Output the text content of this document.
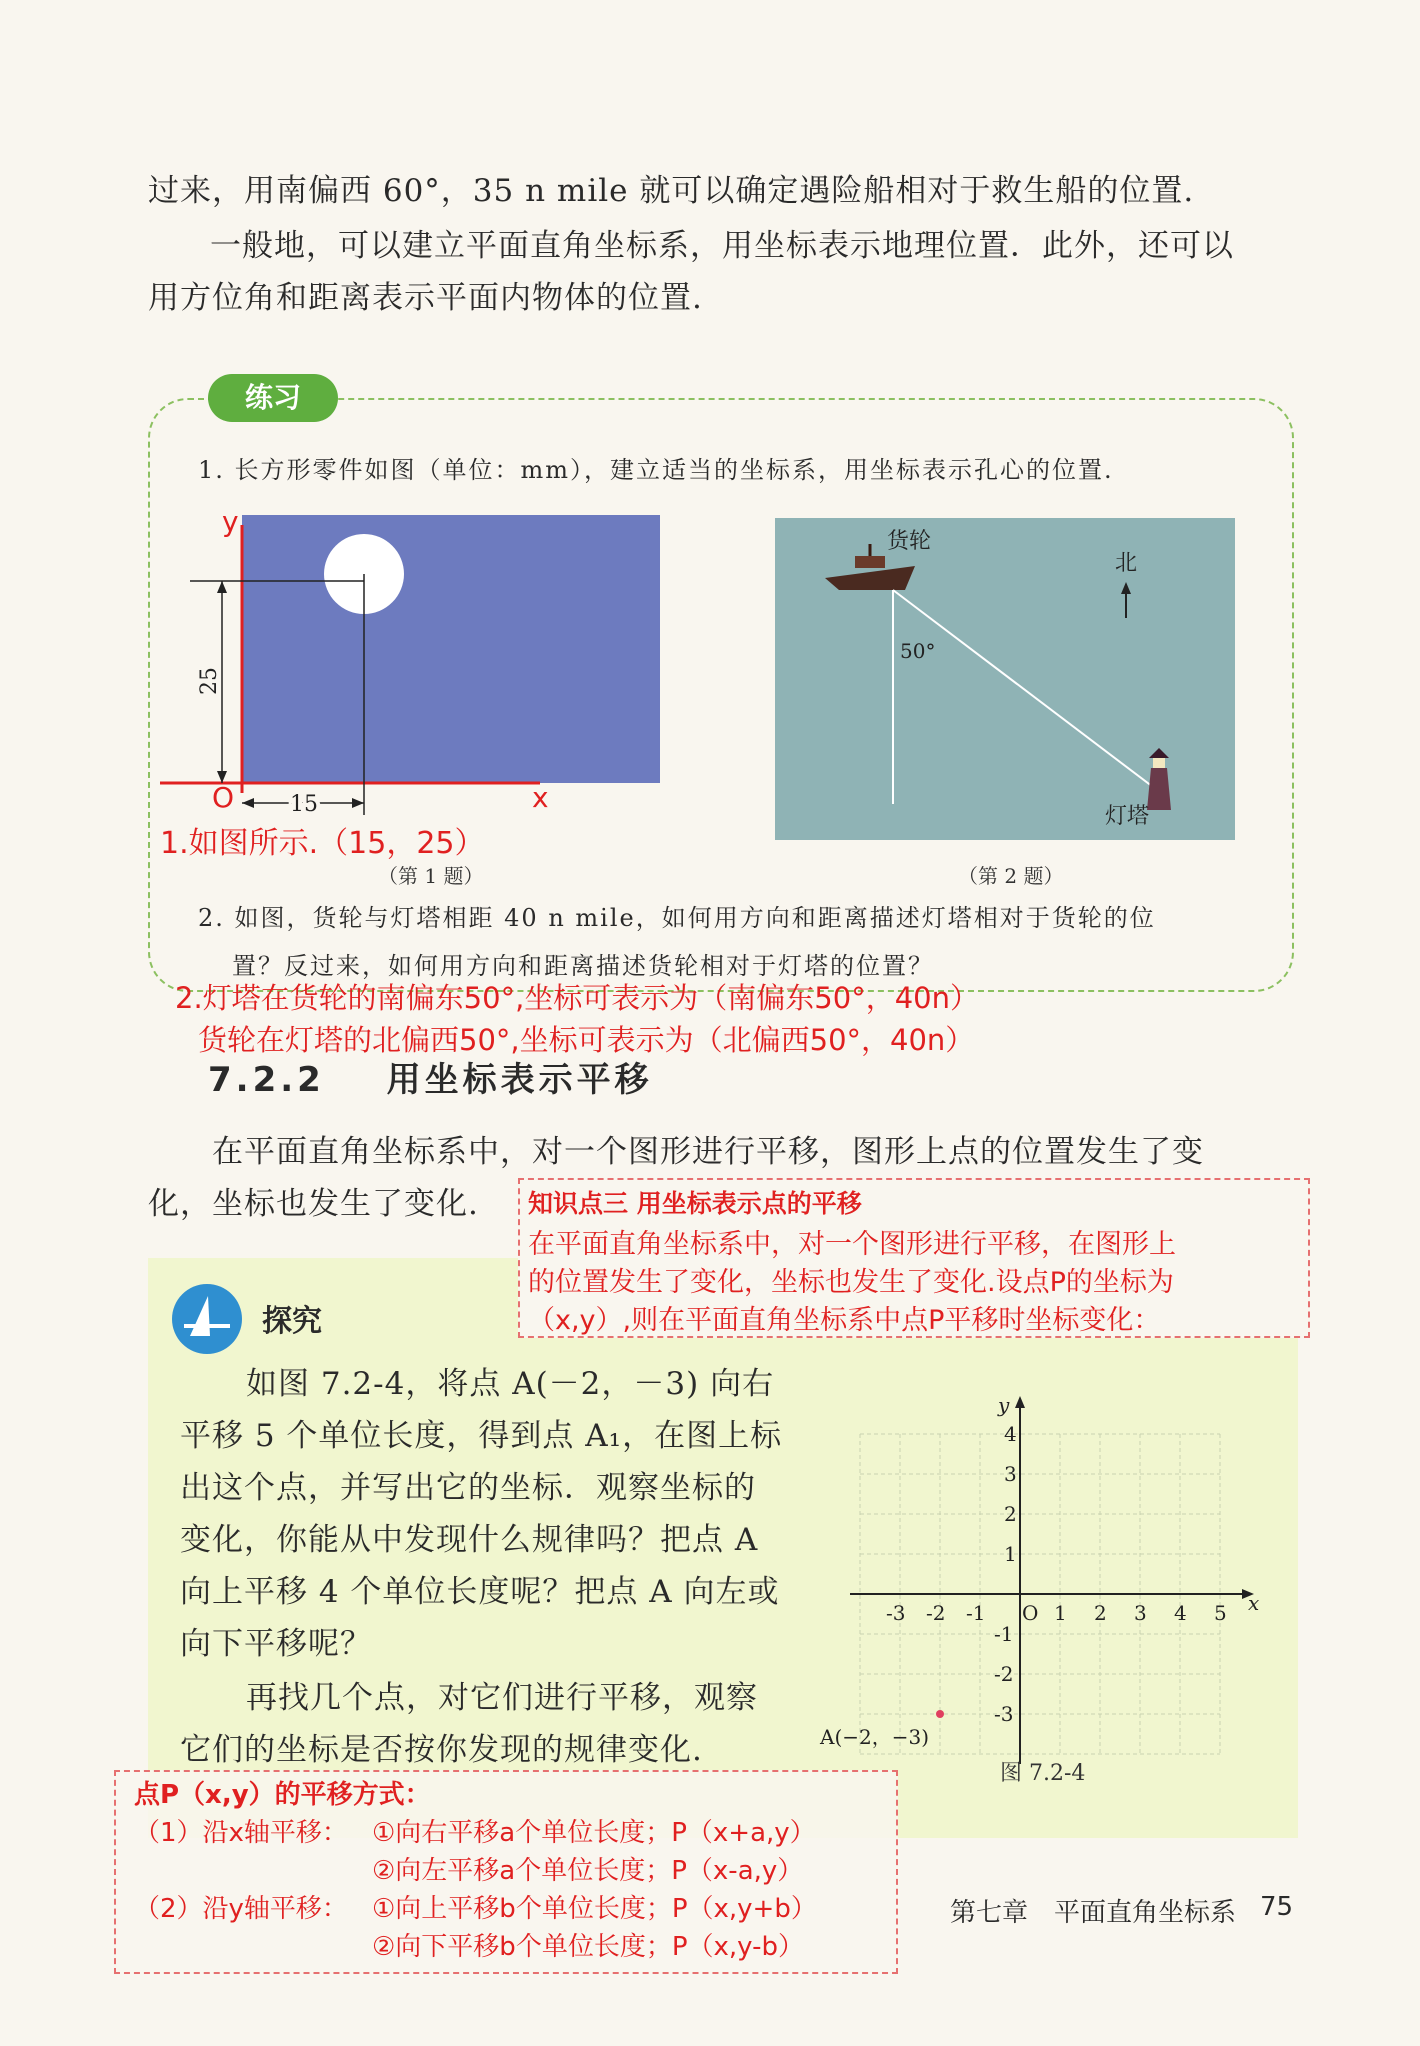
过来，用南偏西 60°，35 n mile 就可以确定遇险船相对于救生船的位置.
一般地，可以建立平面直角坐标系，用坐标表示地理位置．此外，还可以
用方位角和距离表示平面内物体的位置.
练习
1. 长方形零件如图（单位：mm），建立适当的坐标系，用坐标表示孔心的位置.
y
x
O
25
15
1.如图所示.（15，25）
（第 1 题）
货轮
北
50°
灯塔
（第 2 题）
2. 如图，货轮与灯塔相距 40 n mile，如何用方向和距离描述灯塔相对于货轮的位
置？反过来，如何用方向和距离描述货轮相对于灯塔的位置？
2.灯塔在货轮的南偏东50°,坐标可表示为（南偏东50°，40n）
货轮在灯塔的北偏西50°,坐标可表示为（北偏西50°，40n）
7.2.2 用坐标表示平移
在平面直角坐标系中，对一个图形进行平移，图形上点的位置发生了变
化，坐标也发生了变化. 知识点三 用坐标表示点的平移
在平面直角坐标系中，对一个图形进行平移，在图形上
的位置发生了变化，坐标也发生了变化.设点P的坐标为
（x,y）,则在平面直角坐标系中点P平移时坐标变化：
探究
如图 7.2-4，将点 A(－2，－3) 向右
平移 5 个单位长度，得到点 A₁，在图上标
出这个点，并写出它的坐标．观察坐标的
变化，你能从中发现什么规律吗？把点 A
向上平移 4 个单位长度呢？把点 A 向左或
向下平移呢？
再找几个点，对它们进行平移，观察
它们的坐标是否按你发现的规律变化.
x
y
-3 -2 -1 O 1 2 3 4 5
4
3
2
1
-1
-2
-3
A(−2，−3)
图 7.2-4
点P（x,y）的平移方式：
（1）沿x轴平移： ①向右平移a个单位长度；P（x+a,y）
②向左平移a个单位长度；P（x-a,y）
（2）沿y轴平移： ①向上平移b个单位长度；P（x,y+b）
②向下平移b个单位长度；P（x,y-b）
第七章　平面直角坐标系 75
